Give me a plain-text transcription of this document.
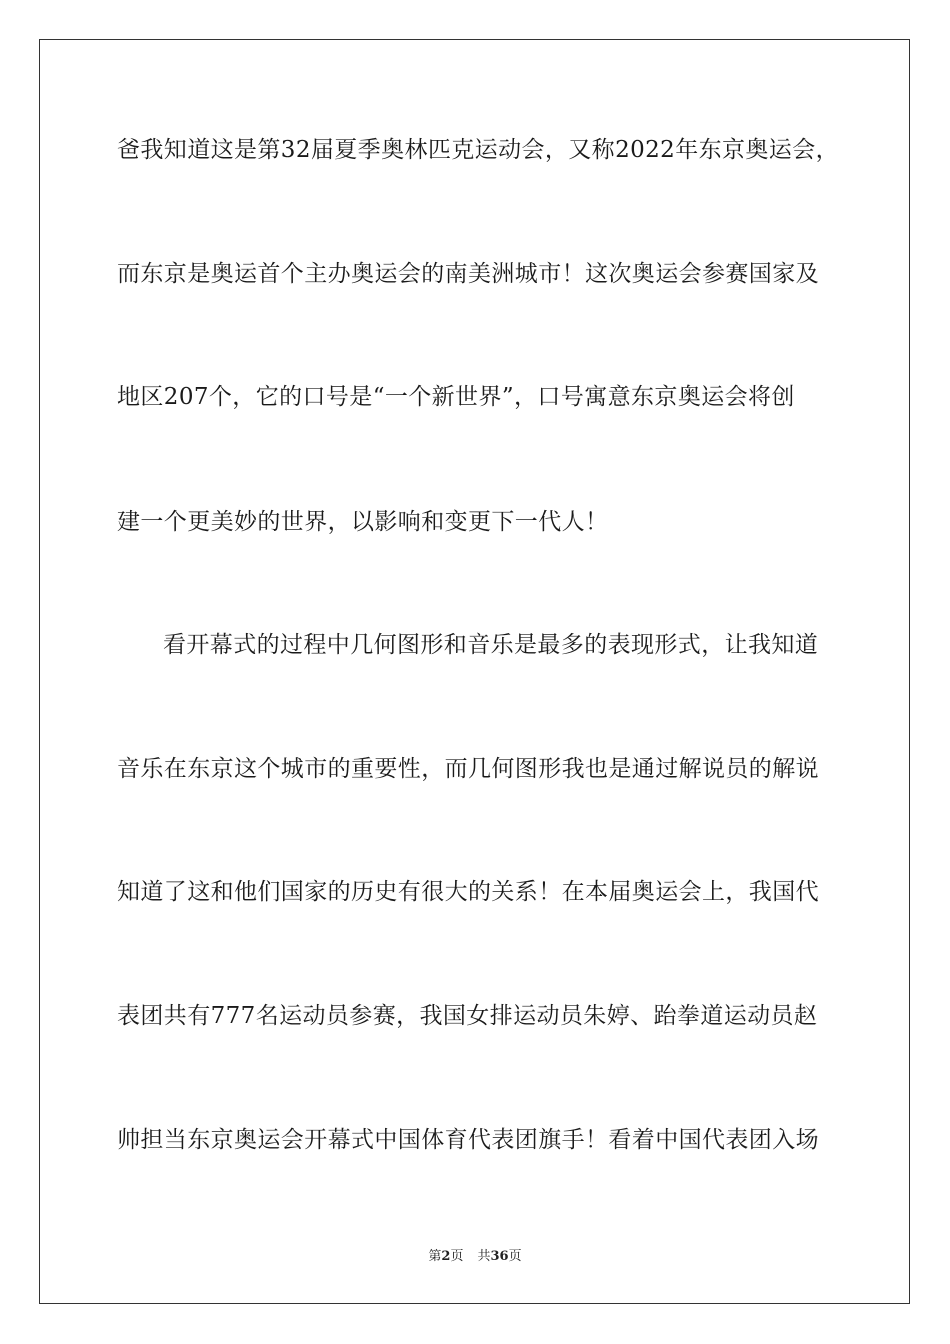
爸我知道这是第32届夏季奥林匹克运动会，又称2022年东京奥运会，
而东京是奥运首个主办奥运会的南美洲城市！这次奥运会参赛国家及
地区207个，它的口号是“一个新世界”，口号寓意东京奥运会将创
建一个更美妙的世界，以影响和变更下一代人！
看开幕式的过程中几何图形和音乐是最多的表现形式，让我知道
音乐在东京这个城市的重要性，而几何图形我也是通过解说员的解说
知道了这和他们国家的历史有很大的关系！在本届奥运会上，我国代
表团共有777名运动员参赛，我国女排运动员朱婷、跆拳道运动员赵
帅担当东京奥运会开幕式中国体育代表团旗手！看着中国代表团入场
第2页 共36页
